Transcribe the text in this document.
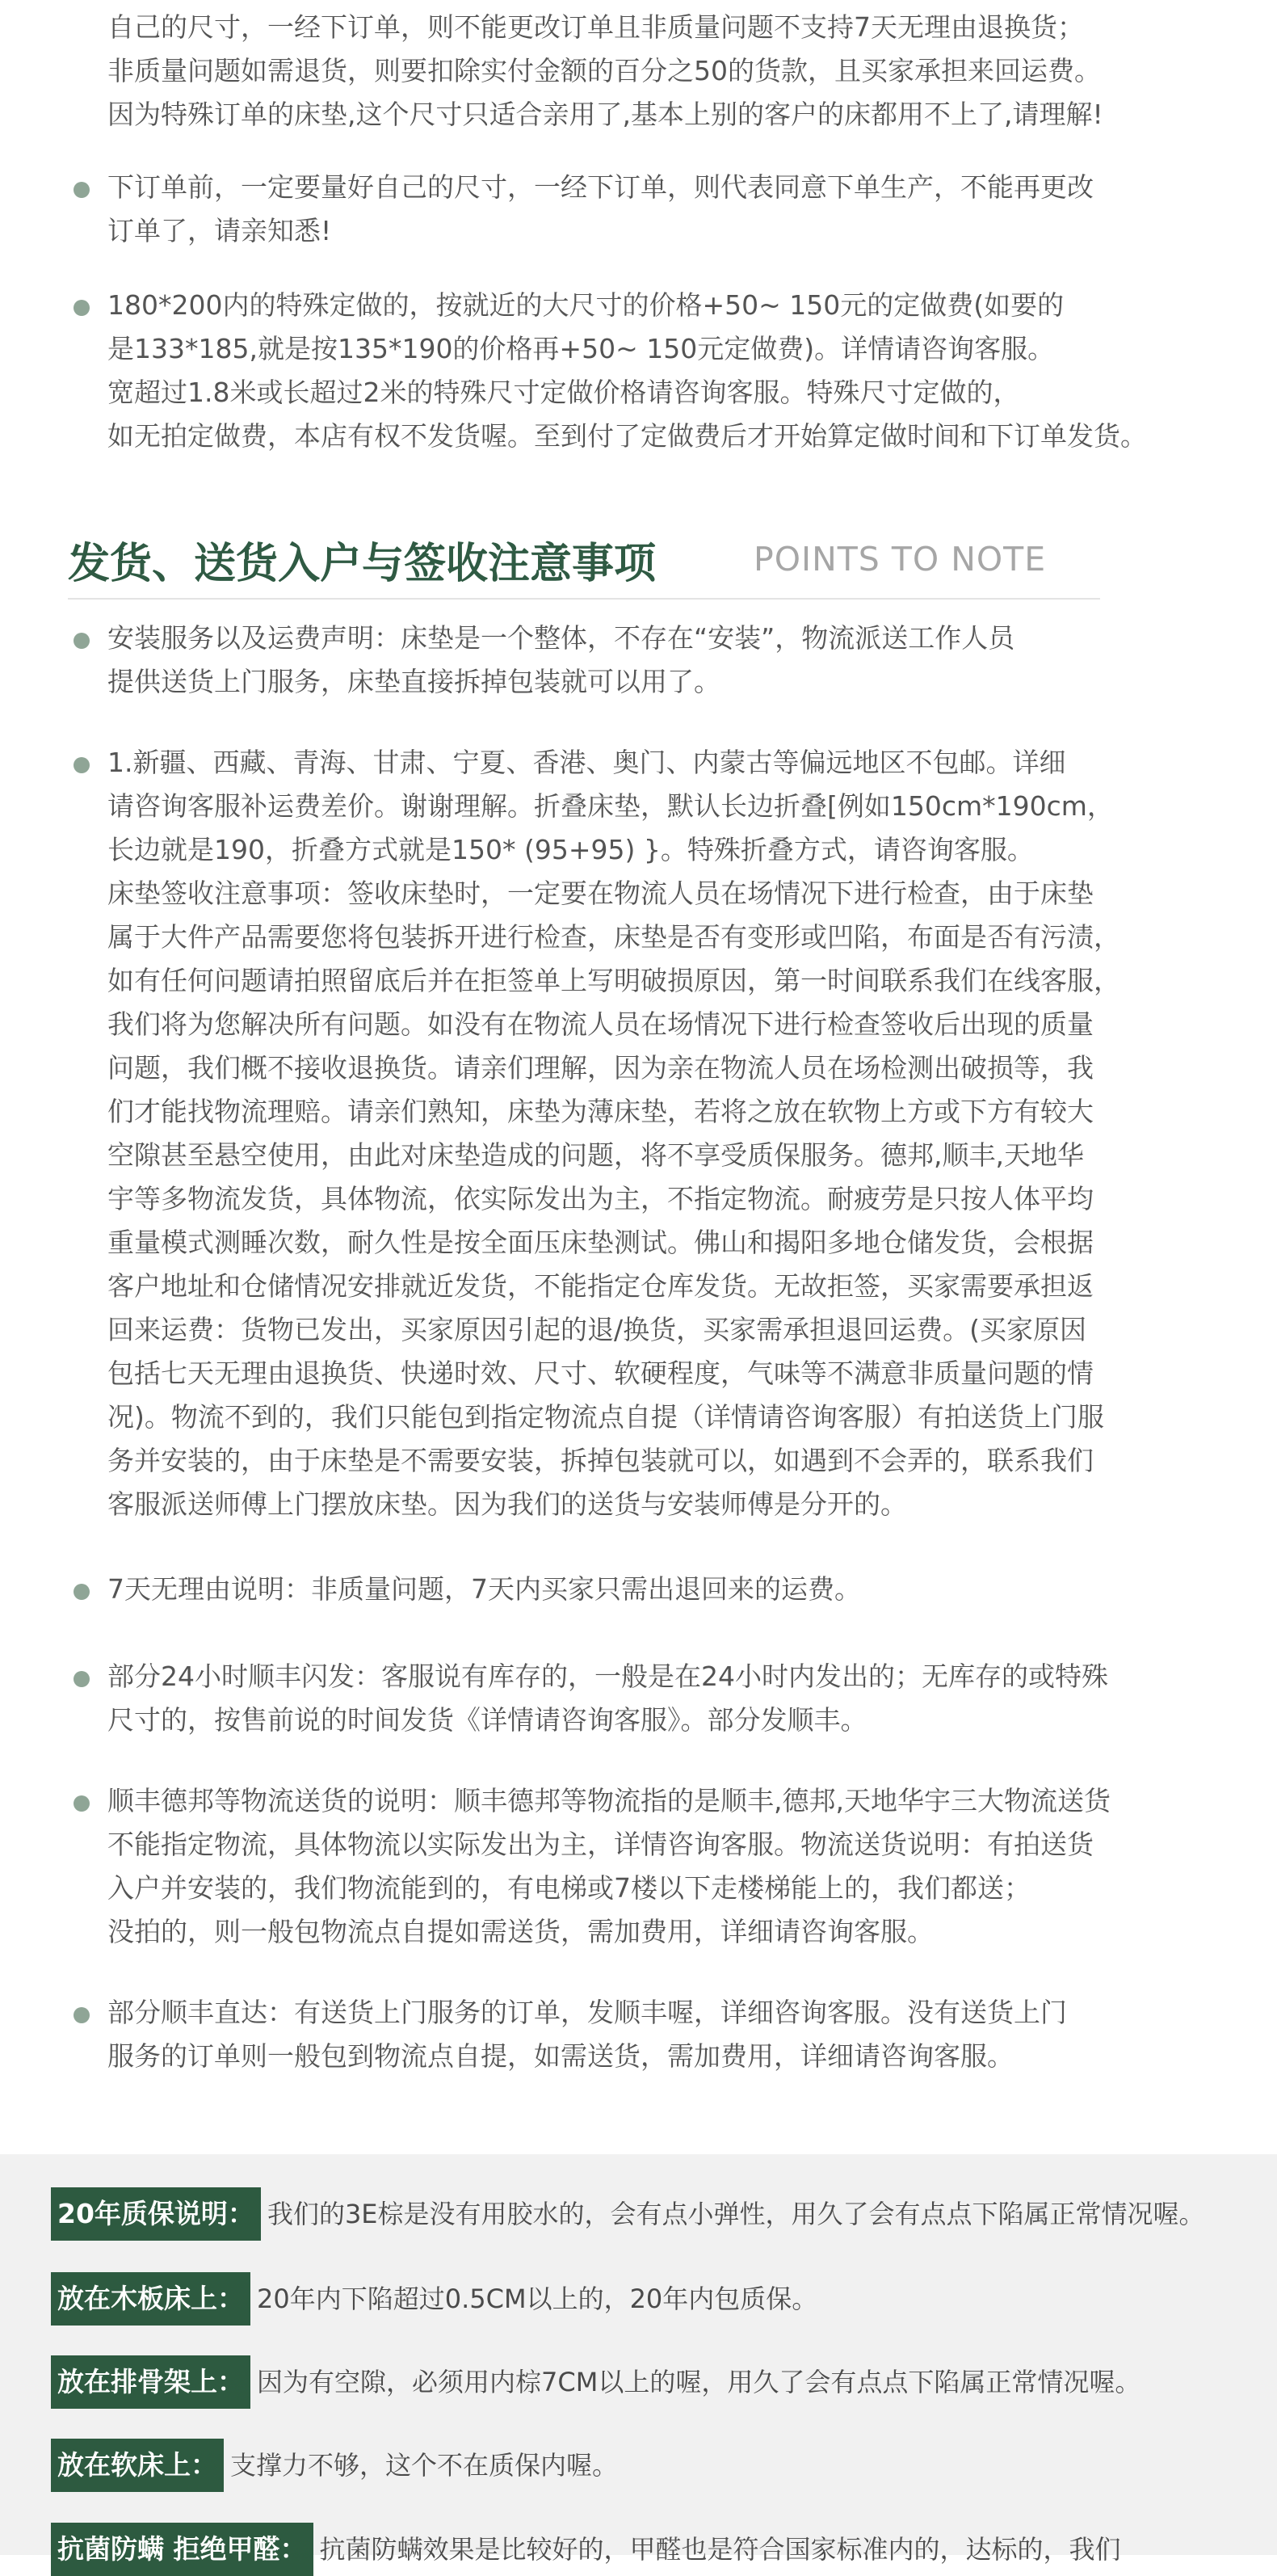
自己的尺寸，一经下订单，则不能更改订单且非质量问题不支持7天无理由退换货；
非质量问题如需退货，则要扣除实付金额的百分之50的货款，且买家承担来回运费。
因为特殊订单的床垫,这个尺寸只适合亲用了,基本上别的客户的床都用不上了,请理解!
下订单前，一定要量好自己的尺寸，一经下订单，则代表同意下单生产，不能再更改
订单了，请亲知悉!
180*200内的特殊定做的，按就近的大尺寸的价格+50~ 150元的定做费(如要的
是133*185,就是按135*190的价格再+50~ 150元定做费)。详情请咨询客服。
宽超过1.8米或长超过2米的特殊尺寸定做价格请咨询客服。特殊尺寸定做的，
如无拍定做费，本店有权不发货喔。至到付了定做费后才开始算定做时间和下订单发货。
发货、送货入户与签收注意事项	POINTS TO NOTE
安装服务以及运费声明：床垫是一个整体，不存在“安装”，物流派送工作人员
提供送货上门服务，床垫直接拆掉包装就可以用了。
1.新疆、西藏、青海、甘肃、宁夏、香港、奥门、内蒙古等偏远地区不包邮。详细
请咨询客服补运费差价。谢谢理解。折叠床垫，默认长边折叠[例如150cm*190cm，
长边就是190，折叠方式就是150* (95+95) }。特殊折叠方式，请咨询客服。
床垫签收注意事项：签收床垫时，一定要在物流人员在场情况下进行检查，由于床垫
属于大件产品需要您将包装拆开进行检查，床垫是否有变形或凹陷，布面是否有污渍，
如有任何问题请拍照留底后并在拒签单上写明破损原因，第一时间联系我们在线客服，
我们将为您解决所有问题。如没有在物流人员在场情况下进行检查签收后出现的质量
问题，我们概不接收退换货。请亲们理解，因为亲在物流人员在场检测出破损等，我
们才能找物流理赔。请亲们熟知，床垫为薄床垫，若将之放在软物上方或下方有较大
空隙甚至悬空使用，由此对床垫造成的问题，将不享受质保服务。德邦,顺丰,天地华
宇等多物流发货，具体物流，依实际发出为主，不指定物流。耐疲劳是只按人体平均
重量模式测睡次数，耐久性是按全面压床垫测试。佛山和揭阳多地仓储发货，会根据
客户地址和仓储情况安排就近发货，不能指定仓库发货。无故拒签，买家需要承担返
回来运费：货物已发出，买家原因引起的退/换货，买家需承担退回运费。(买家原因
包括七天无理由退换货、快递时效、尺寸、软硬程度，气味等不满意非质量问题的情
况)。物流不到的，我们只能包到指定物流点自提（详情请咨询客服）有拍送货上门服
务并安装的，由于床垫是不需要安装，拆掉包装就可以，如遇到不会弄的，联系我们
客服派送师傅上门摆放床垫。因为我们的送货与安装师傅是分开的。
7天无理由说明：非质量问题，7天内买家只需出退回来的运费。
部分24小时顺丰闪发：客服说有库存的，一般是在24小时内发出的；无库存的或特殊
尺寸的，按售前说的时间发货《详情请咨询客服》。部分发顺丰。
顺丰德邦等物流送货的说明：顺丰德邦等物流指的是顺丰,德邦,天地华宇三大物流送货
不能指定物流，具体物流以实际发出为主，详情咨询客服。物流送货说明：有拍送货
入户并安装的，我们物流能到的，有电梯或7楼以下走楼梯能上的，我们都送；
没拍的，则一般包物流点自提如需送货，需加费用，详细请咨询客服。
部分顺丰直达：有送货上门服务的订单，发顺丰喔，详细咨询客服。没有送货上门
服务的订单则一般包到物流点自提，如需送货，需加费用，详细请咨询客服。
20年质保说明： 我们的3E棕是没有用胶水的，会有点小弹性，用久了会有点点下陷属正常情况喔。
放在木板床上： 20年内下陷超过0.5CM以上的，20年内包质保。
放在排骨架上： 因为有空隙，必须用内棕7CM以上的喔，用久了会有点点下陷属正常情况喔。
放在软床上： 支撑力不够，这个不在质保内喔。
抗菌防螨 拒绝甲醛： 抗菌防螨效果是比较好的，甲醛也是符合国家标准内的，达标的，我们
